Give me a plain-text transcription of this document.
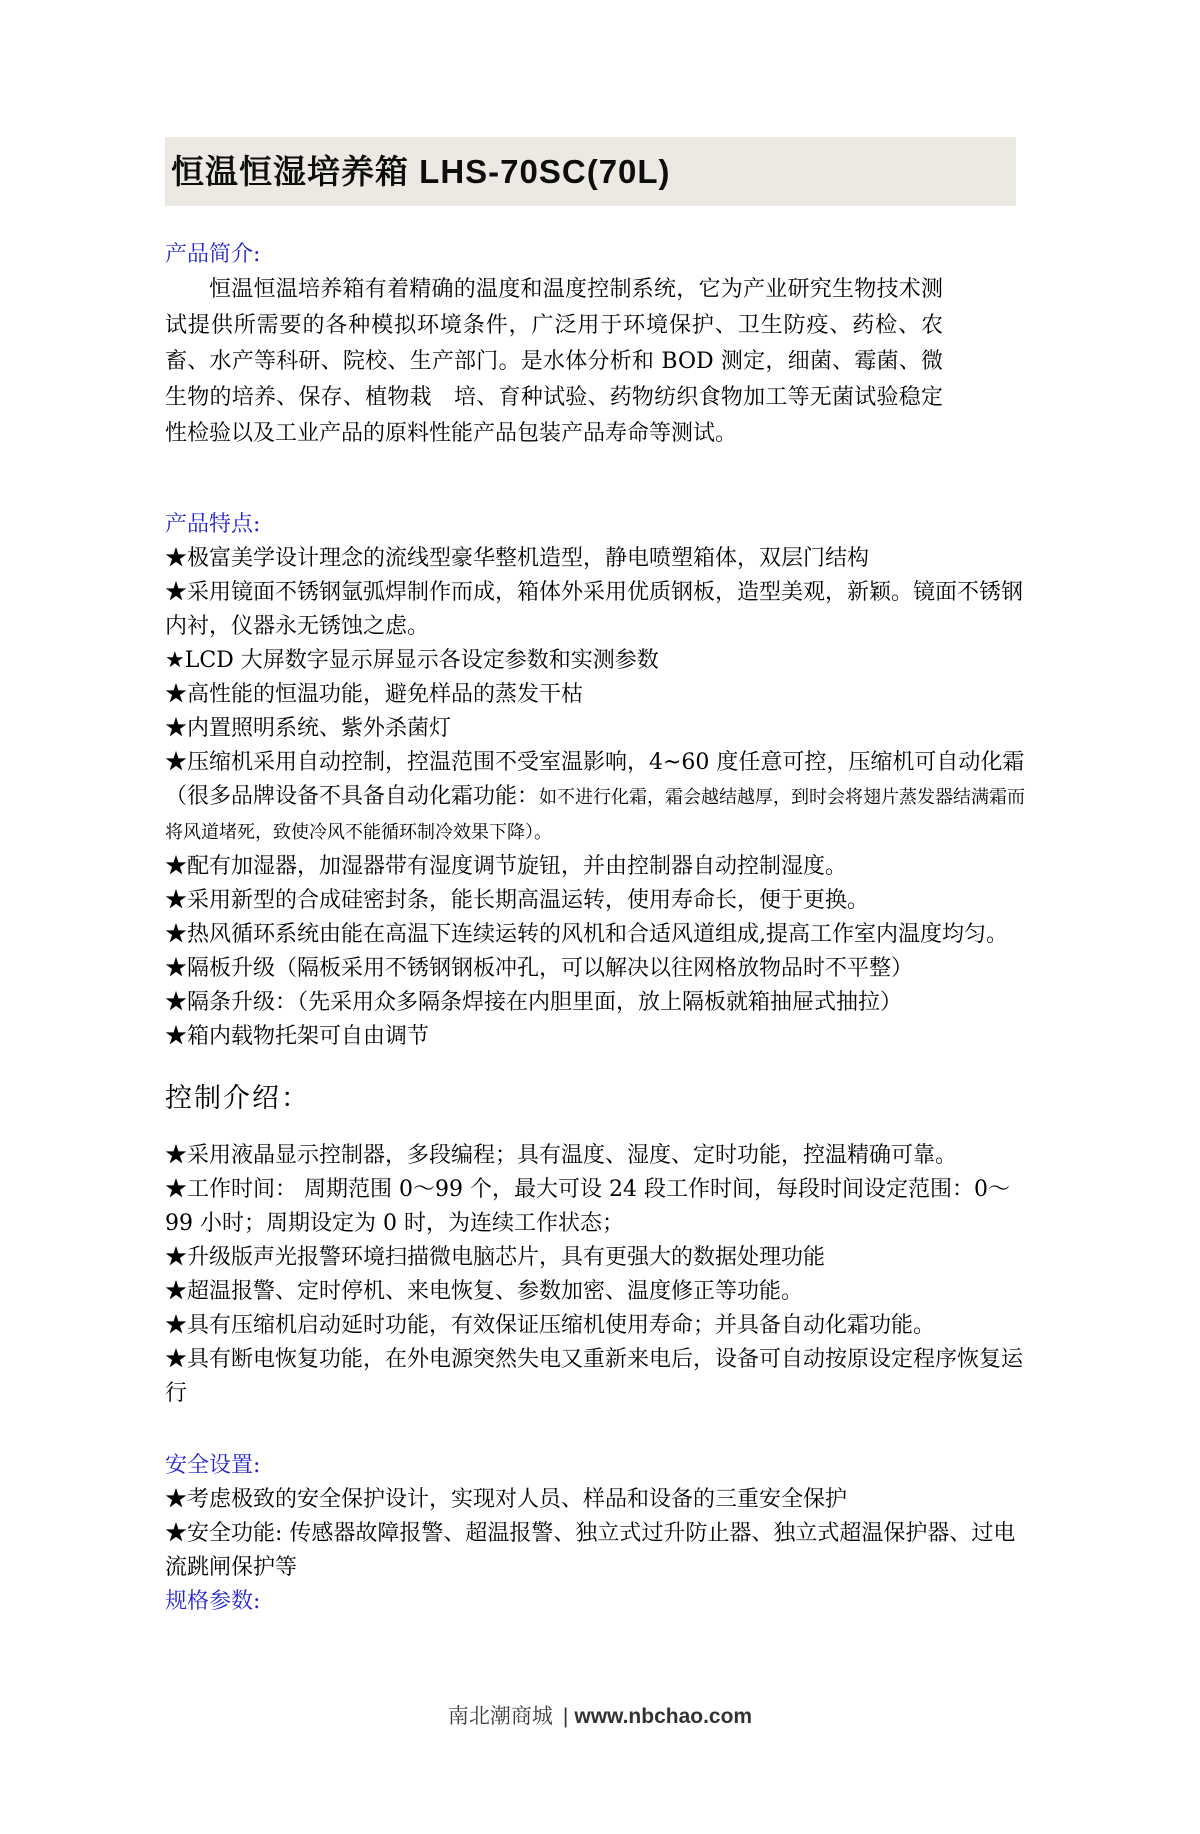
恒温恒湿培养箱 LHS-70SC(70L)
产品简介:

恒温恒温培养箱有着精确的温度和温度控制系统，它为产业研究生物技术测试提供所需要的各种模拟环境条件，广泛用于环境保护、卫生防疫、药检、农畜、水产等科研、院校、生产部门。是水体分析和 BOD 测定，细菌、霉菌、微生物的培养、保存、植物栽　培、育种试验、药物纺织食物加工等无菌试验稳定性检验以及工业产品的原料性能产品包装产品寿命等测试。

产品特点:
★极富美学设计理念的流线型豪华整机造型，静电喷塑箱体，双层门结构
★采用镜面不锈钢氩弧焊制作而成，箱体外采用优质钢板，造型美观，新颖。镜面不锈钢内衬，仪器永无锈蚀之虑。
★LCD 大屏数字显示屏显示各设定参数和实测参数
★高性能的恒温功能，避免样品的蒸发干枯
★内置照明系统、紫外杀菌灯
★压缩机采用自动控制，控温范围不受室温影响，4~60 度任意可控，压缩机可自动化霜（很多品牌设备不具备自动化霜功能：如不进行化霜，霜会越结越厚，到时会将翅片蒸发器结满霜而将风道堵死，致使冷风不能循环制冷效果下降）。
★配有加湿器，加湿器带有湿度调节旋钮，并由控制器自动控制湿度。
★采用新型的合成硅密封条，能长期高温运转，使用寿命长，便于更换。
★热风循环系统由能在高温下连续运转的风机和合适风道组成,提高工作室内温度均匀。
★隔板升级（隔板采用不锈钢钢板冲孔，可以解决以往网格放物品时不平整）
★隔条升级：（先采用众多隔条焊接在内胆里面，放上隔板就箱抽屉式抽拉）
★箱内载物托架可自由调节
控制介绍：
★采用液晶显示控制器，多段编程；具有温度、湿度、定时功能，控温精确可靠。
★工作时间： 周期范围 0～99 个，最大可设 24 段工作时间，每段时间设定范围：0～99 小时；周期设定为 0 时，为连续工作状态；
★升级版声光报警环境扫描微电脑芯片，具有更强大的数据处理功能
★超温报警、定时停机、来电恢复、参数加密、温度修正等功能。
★具有压缩机启动延时功能，有效保证压缩机使用寿命；并具备自动化霜功能。
★具有断电恢复功能，在外电源突然失电又重新来电后，设备可自动按原设定程序恢复运行
安全设置:
★考虑极致的安全保护设计，实现对人员、样品和设备的三重安全保护
★安全功能: 传感器故障报警、超温报警、独立式过升防止器、独立式超温保护器、过电流跳闸保护等
规格参数:
南北潮商城 | www.nbchao.com
